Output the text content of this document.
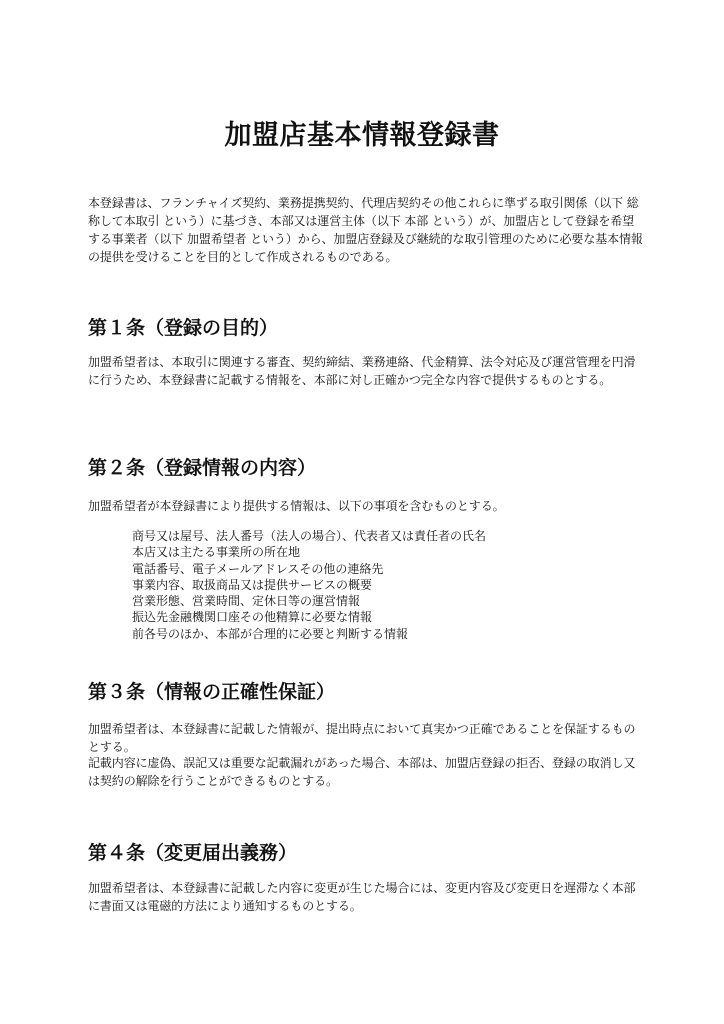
加盟店基本情報登録書
本登録書は、フランチャイズ契約、業務提携契約、代理店契約その他これらに準ずる取引関係（以下 総称して本取引 という）に基づき、本部又は運営主体（以下 本部 という）が、加盟店として登録を希望する事業者（以下 加盟希望者 という）から、加盟店登録及び継続的な取引管理のために必要な基本情報の提供を受けることを目的として作成されるものである。
第１条（登録の目的）
加盟希望者は、本取引に関連する審査、契約締結、業務連絡、代金精算、法令対応及び運営管理を円滑に行うため、本登録書に記載する情報を、本部に対し正確かつ完全な内容で提供するものとする。
第２条（登録情報の内容）
加盟希望者が本登録書により提供する情報は、以下の事項を含むものとする。
商号又は屋号、法人番号（法人の場合）、代表者又は責任者の氏名
本店又は主たる事業所の所在地
電話番号、電子メールアドレスその他の連絡先
事業内容、取扱商品又は提供サービスの概要
営業形態、営業時間、定休日等の運営情報
振込先金融機関口座その他精算に必要な情報
前各号のほか、本部が合理的に必要と判断する情報
第３条（情報の正確性保証）
加盟希望者は、本登録書に記載した情報が、提出時点において真実かつ正確であることを保証するものとする。
記載内容に虚偽、誤記又は重要な記載漏れがあった場合、本部は、加盟店登録の拒否、登録の取消し又は契約の解除を行うことができるものとする。
第４条（変更届出義務）
加盟希望者は、本登録書に記載した内容に変更が生じた場合には、変更内容及び変更日を遅滞なく本部に書面又は電磁的方法により通知するものとする。
